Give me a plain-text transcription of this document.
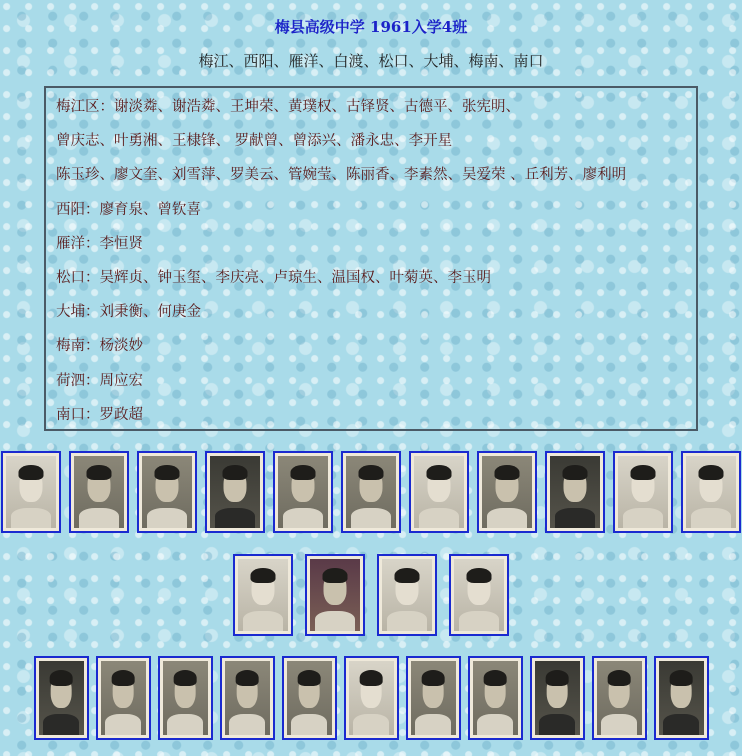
梅县高级中学 1961入学4班
梅江、西阳、雁洋、白渡、松口、大埔、梅南、南口
梅江区：谢淡粦、谢浩粦、王坤荣、黄璞权、古铎贤、古德平、张宪明、
曾庆志、叶勇湘、王棣锋、 罗献曾、曾添兴、潘永忠、李开星
陈玉珍、廖文奎、刘雪萍、罗美云、管婉莹、陈丽香、李素然、吴爱荣 、丘利芳、廖利明
西阳：廖育泉、曾钦喜
雁洋：李恒贤
松口：吴辉贞、钟玉玺、李庆亮、卢琼生、温国权、叶菊英、李玉明
大埔：刘秉衡、何庚金
梅南：杨淡妙
荷泗：周应宏
南口：罗政超
